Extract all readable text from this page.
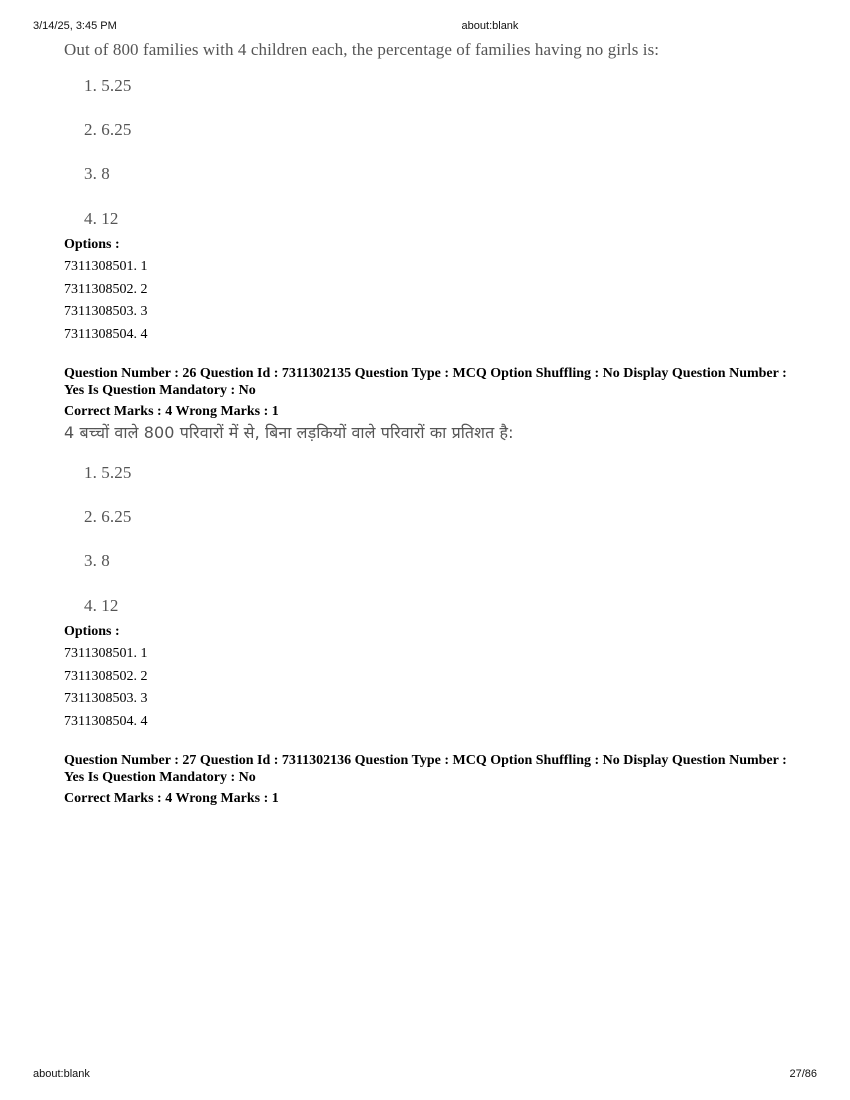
3/14/25, 3:45 PM	about:blank
Out of 800 families with 4 children each, the percentage of families having no girls is:
1. 5.25
2. 6.25
3. 8
4. 12
Options :
7311308501. 1
7311308502. 2
7311308503. 3
7311308504. 4
Question Number : 26 Question Id : 7311302135 Question Type : MCQ Option Shuffling : No Display Question Number : Yes Is Question Mandatory : No
Correct Marks : 4 Wrong Marks : 1
4 बच्चों वाले 800 परिवारों में से, बिना लड़कियों वाले परिवारों का प्रतिशत है:
1. 5.25
2. 6.25
3. 8
4. 12
Options :
7311308501. 1
7311308502. 2
7311308503. 3
7311308504. 4
Question Number : 27 Question Id : 7311302136 Question Type : MCQ Option Shuffling : No Display Question Number : Yes Is Question Mandatory : No
Correct Marks : 4 Wrong Marks : 1
about:blank	27/86
